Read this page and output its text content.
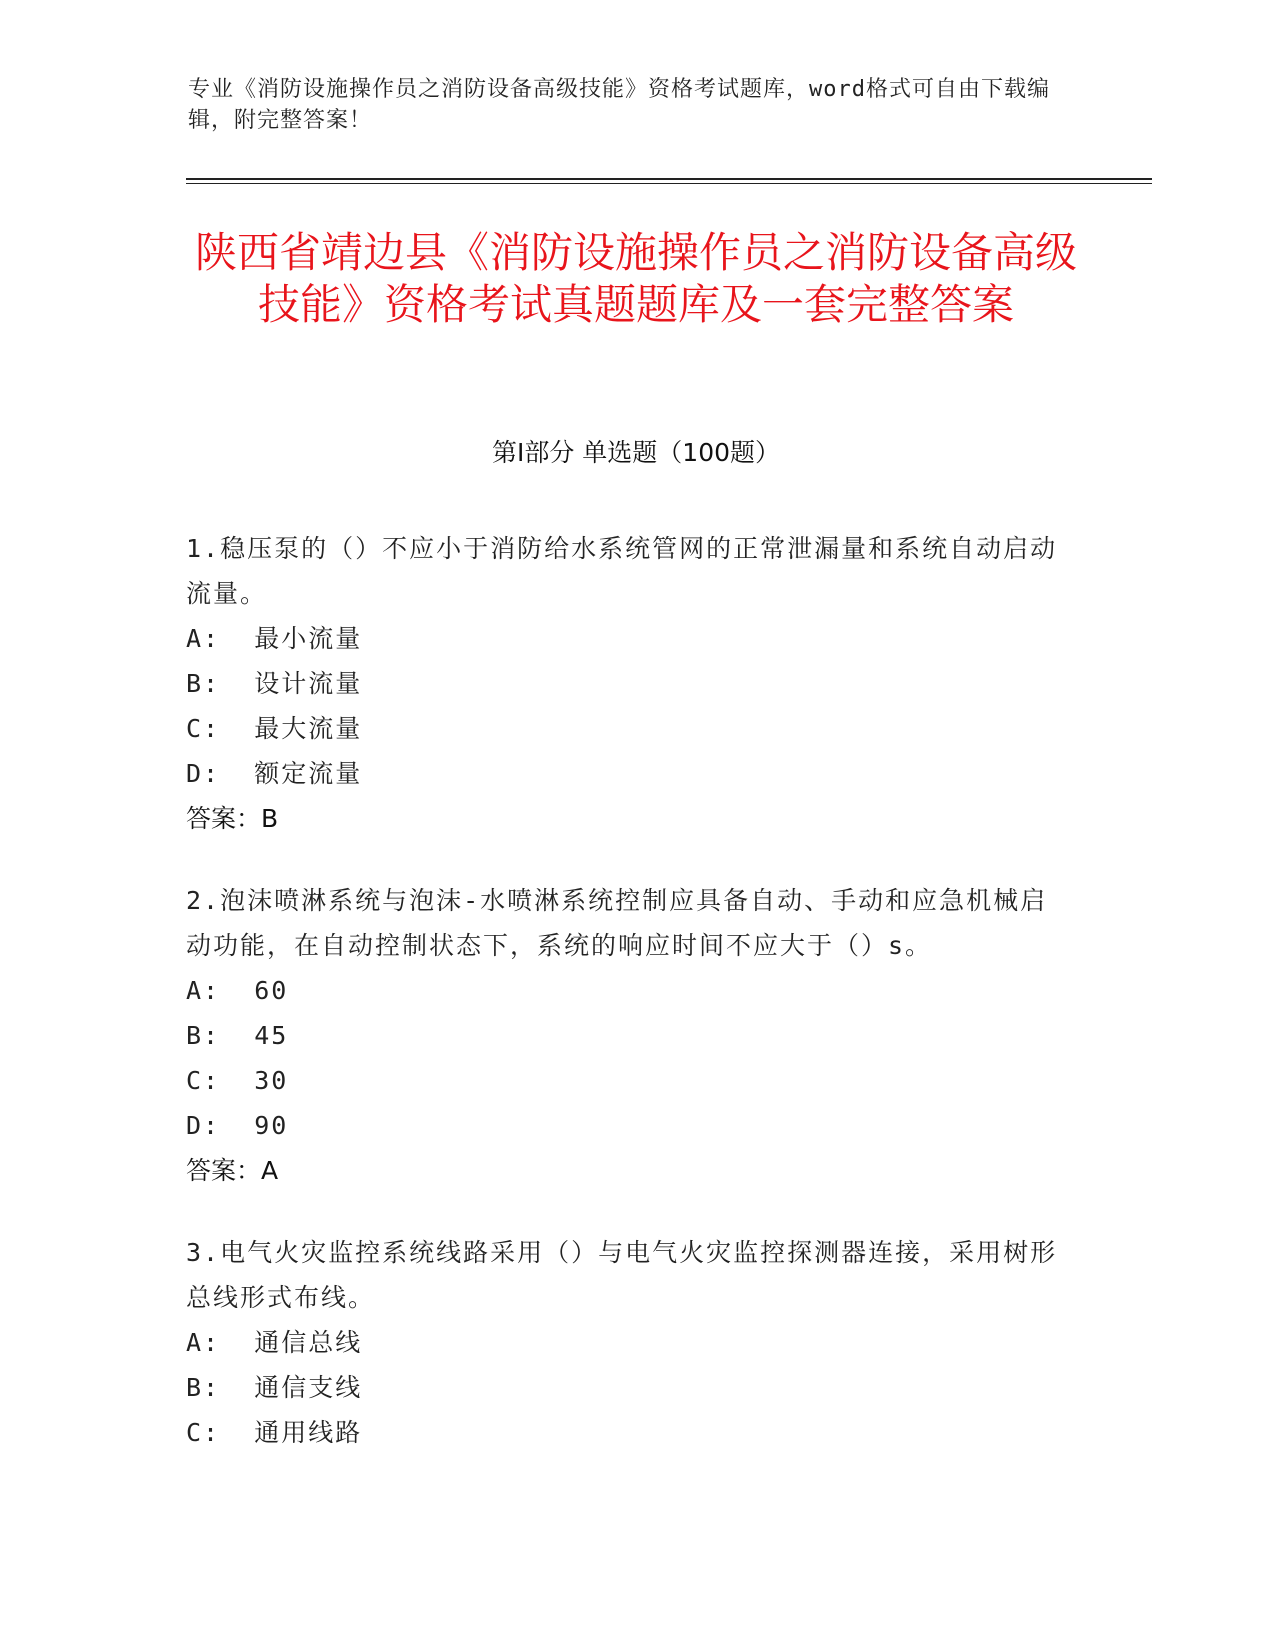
专业《消防设施操作员之消防设备高级技能》资格考试题库，word格式可自由下载编辑，附完整答案！
陕西省靖边县《消防设施操作员之消防设备高级技能》资格考试真题题库及一套完整答案
第Ⅰ部分 单选题（100题）
1.稳压泵的（）不应小于消防给水系统管网的正常泄漏量和系统自动启动流量。
A:  最小流量
B:  设计流量
C:  最大流量
D:  额定流量
答案：B
2.泡沫喷淋系统与泡沫-水喷淋系统控制应具备自动、手动和应急机械启动功能，在自动控制状态下，系统的响应时间不应大于（）s。
A:  60
B:  45
C:  30
D:  90
答案：A
3.电气火灾监控系统线路采用（）与电气火灾监控探测器连接，采用树形总线形式布线。
A:  通信总线
B:  通信支线
C:  通用线路
